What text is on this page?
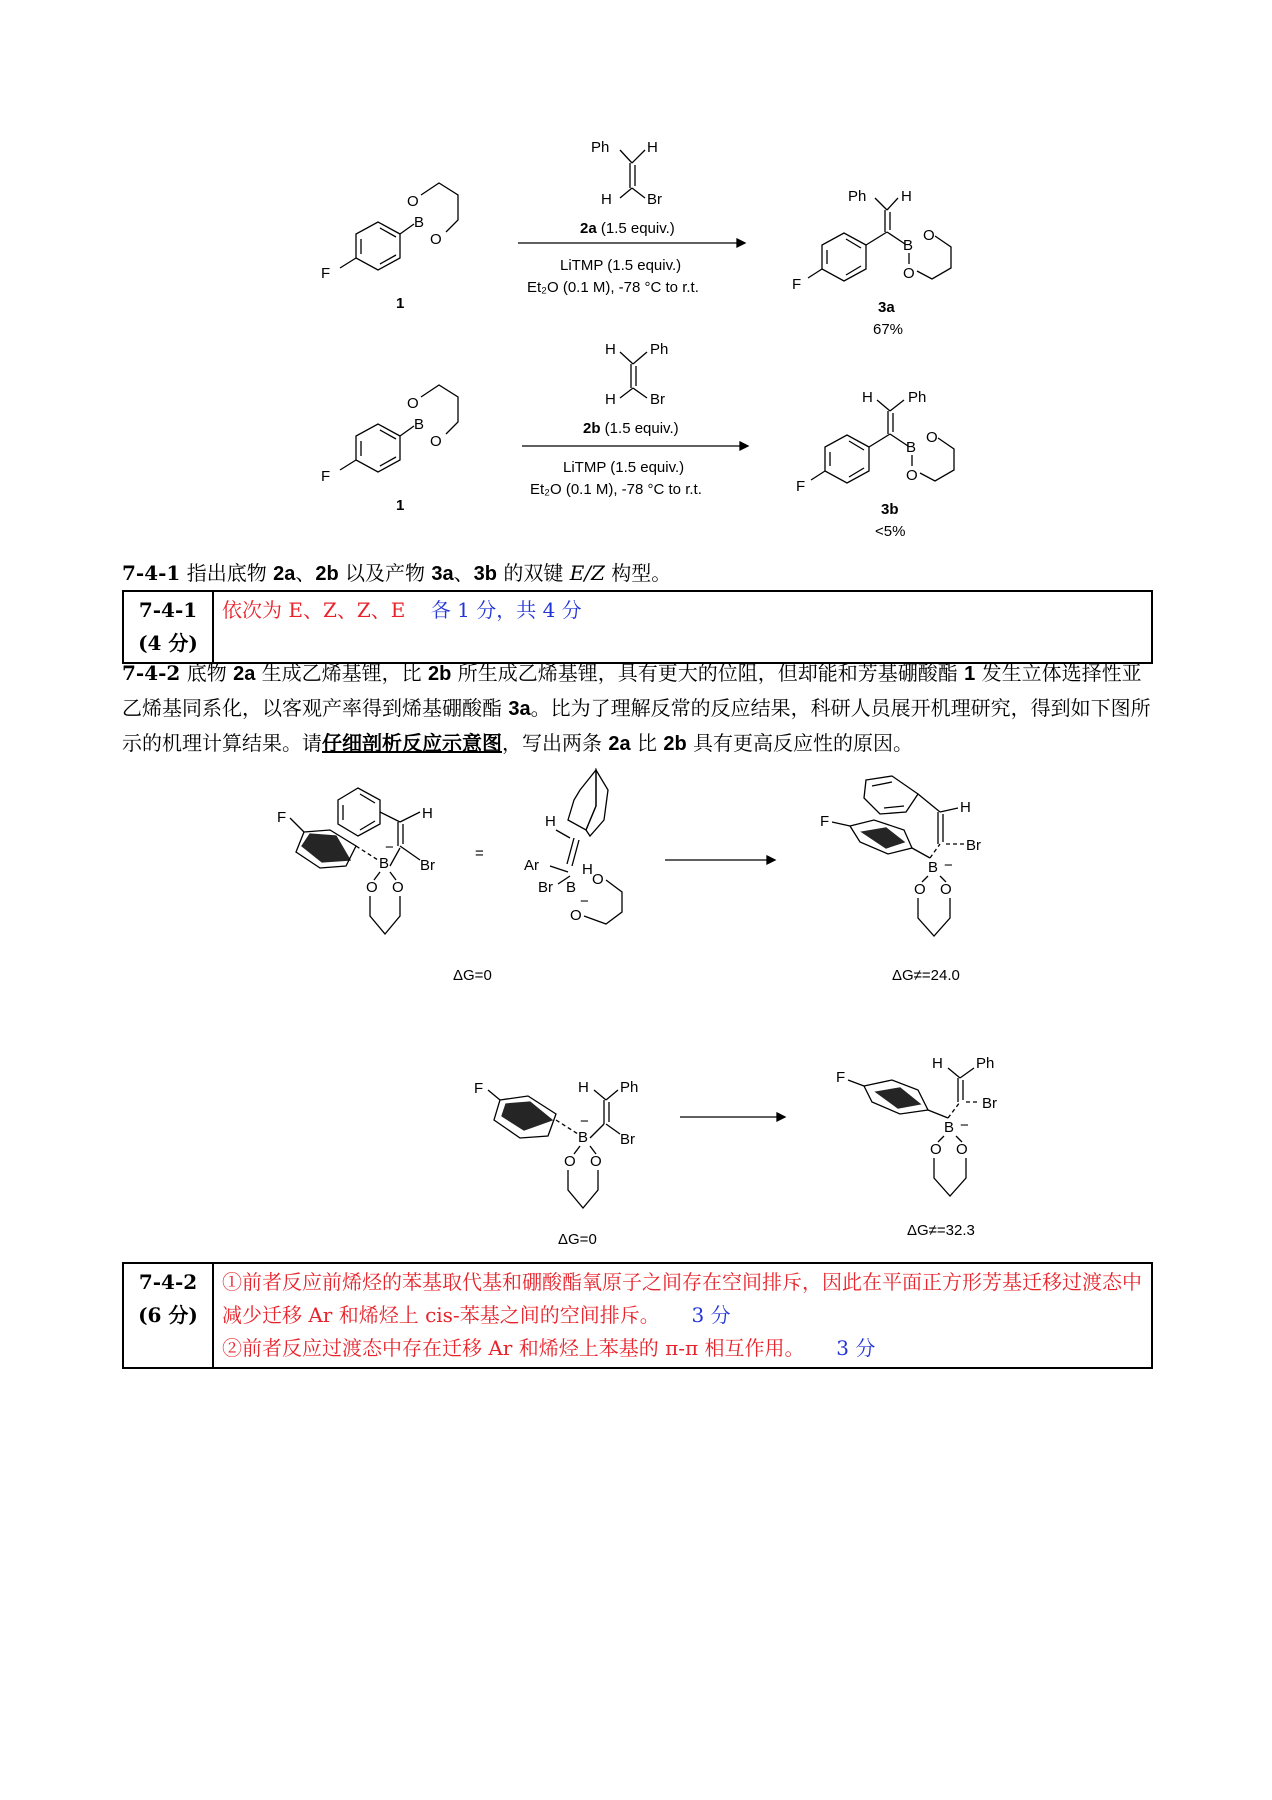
F
B
O
O
1
Ph	H
H Br
2a (1.5 equiv.)
LiTMP (1.5 equiv.)
Et₂O (0.1 M), -78 °C to r.t.
Ph H
F
B
O
O
3a
67%
F
B
O
O
1
H Ph
H Br
2b (1.5 equiv.)
LiTMP (1.5 equiv.)
Et₂O (0.1 M), -78 °C to r.t.
H Ph
F
B
O
O
3b
<5%
F
B
−
H
Br
O O
=
H
Ar
Br B
−
H
O
O
H
Br
F
B −
O O
ΔG=0	ΔG≠=24.0
F
B
−
H Ph
Br
O O
H Ph
Br
F
B −
O O
ΔG≠=32.3
ΔG=0
7-4-1 指出底物 2a、2b 以及产物 3a、3b 的双键 E/Z 构型。
7-4-1
(4 分)
	依次为 E、Z、Z、E 各 1 分，共 4 分
7-4-2 底物 2a 生成乙烯基锂，比 2b 所生成乙烯基锂，具有更大的位阻，但却能和芳基硼酸酯 1 发生立体选择性亚乙烯基同系化，以客观产率得到烯基硼酸酯 3a。比为了理解反常的反应结果，科研人员展开机理研究，得到如下图所示的机理计算结果。请仔细剖析反应示意图，写出两条 2a 比 2b 具有更高反应性的原因。
7-4-2
(6 分)
	①前者反应前烯烃的苯基取代基和硼酸酯氧原子之间存在空间排斥，因此在平面正方形芳基迁移过渡态中减少迁移 Ar 和烯烃上 cis-苯基之间的空间排斥。 3 分
②前者反应过渡态中存在迁移 Ar 和烯烃上苯基的 π-π 相互作用。 3 分
